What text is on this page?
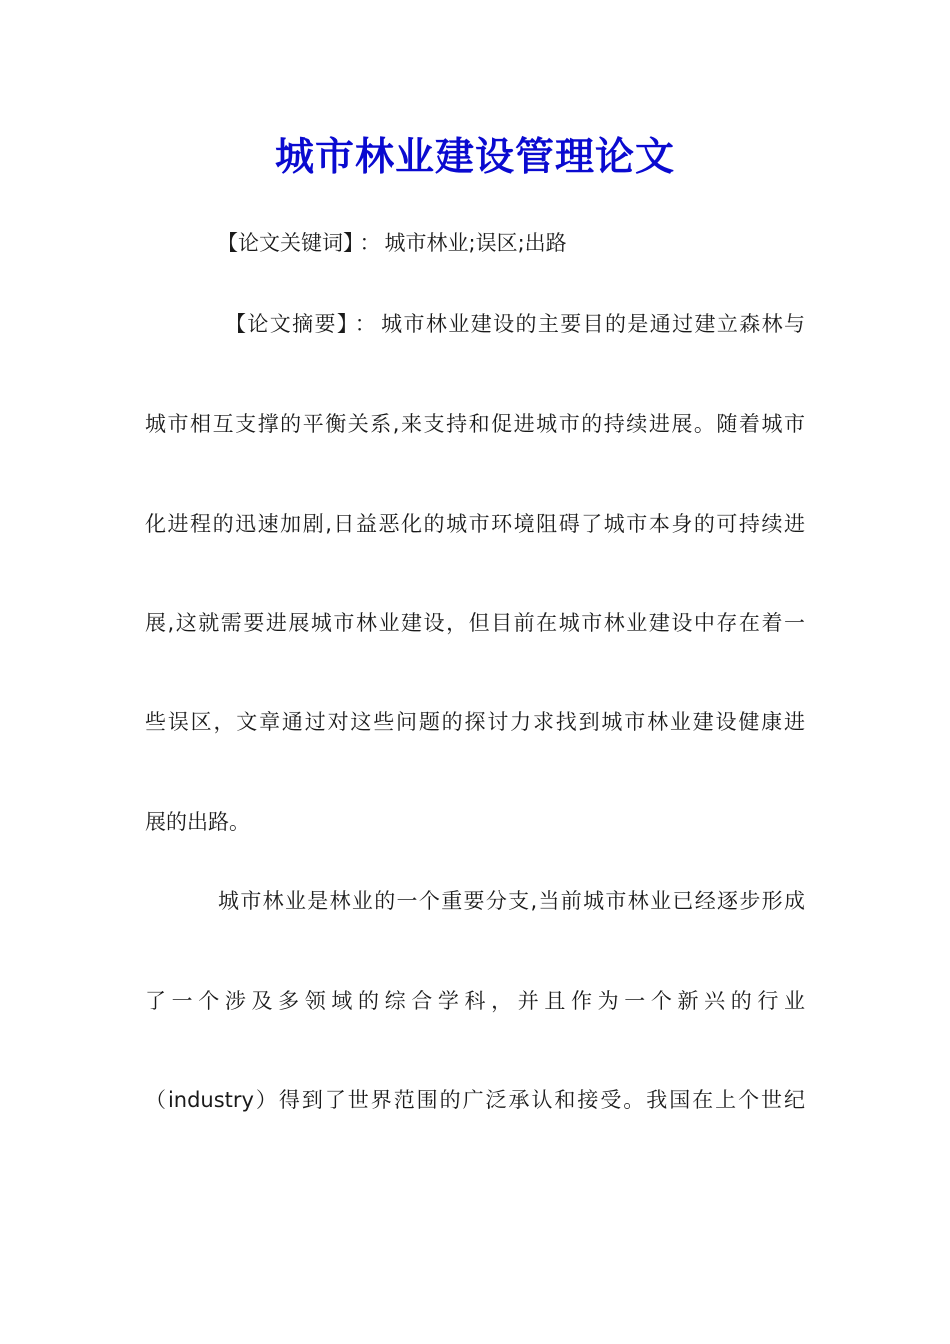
城市林业建设管理论文

【论文关键词】 ： 城市林业;误区;出路

【论文摘要】 ： 城市林业建设的主要目的是通过建立森林与

城市相互支撑的平衡关系,来支持和促进城市的持续进展。随着城市

化进程的迅速加剧,日益恶化的城市环境阻碍了城市本身的可持续进

展,这就需要进展城市林业建设，但目前在城市林业建设中存在着一

些误区，文章通过对这些问题的探讨力求找到城市林业建设健康进

展的出路。

城市林业是林业的一个重要分支,当前城市林业已经逐步形成

了一个涉及多领域的综合学科，并且作为一个新兴的行业

（industry）得到了世界范围的广泛承认和接受。我国在上个世纪
